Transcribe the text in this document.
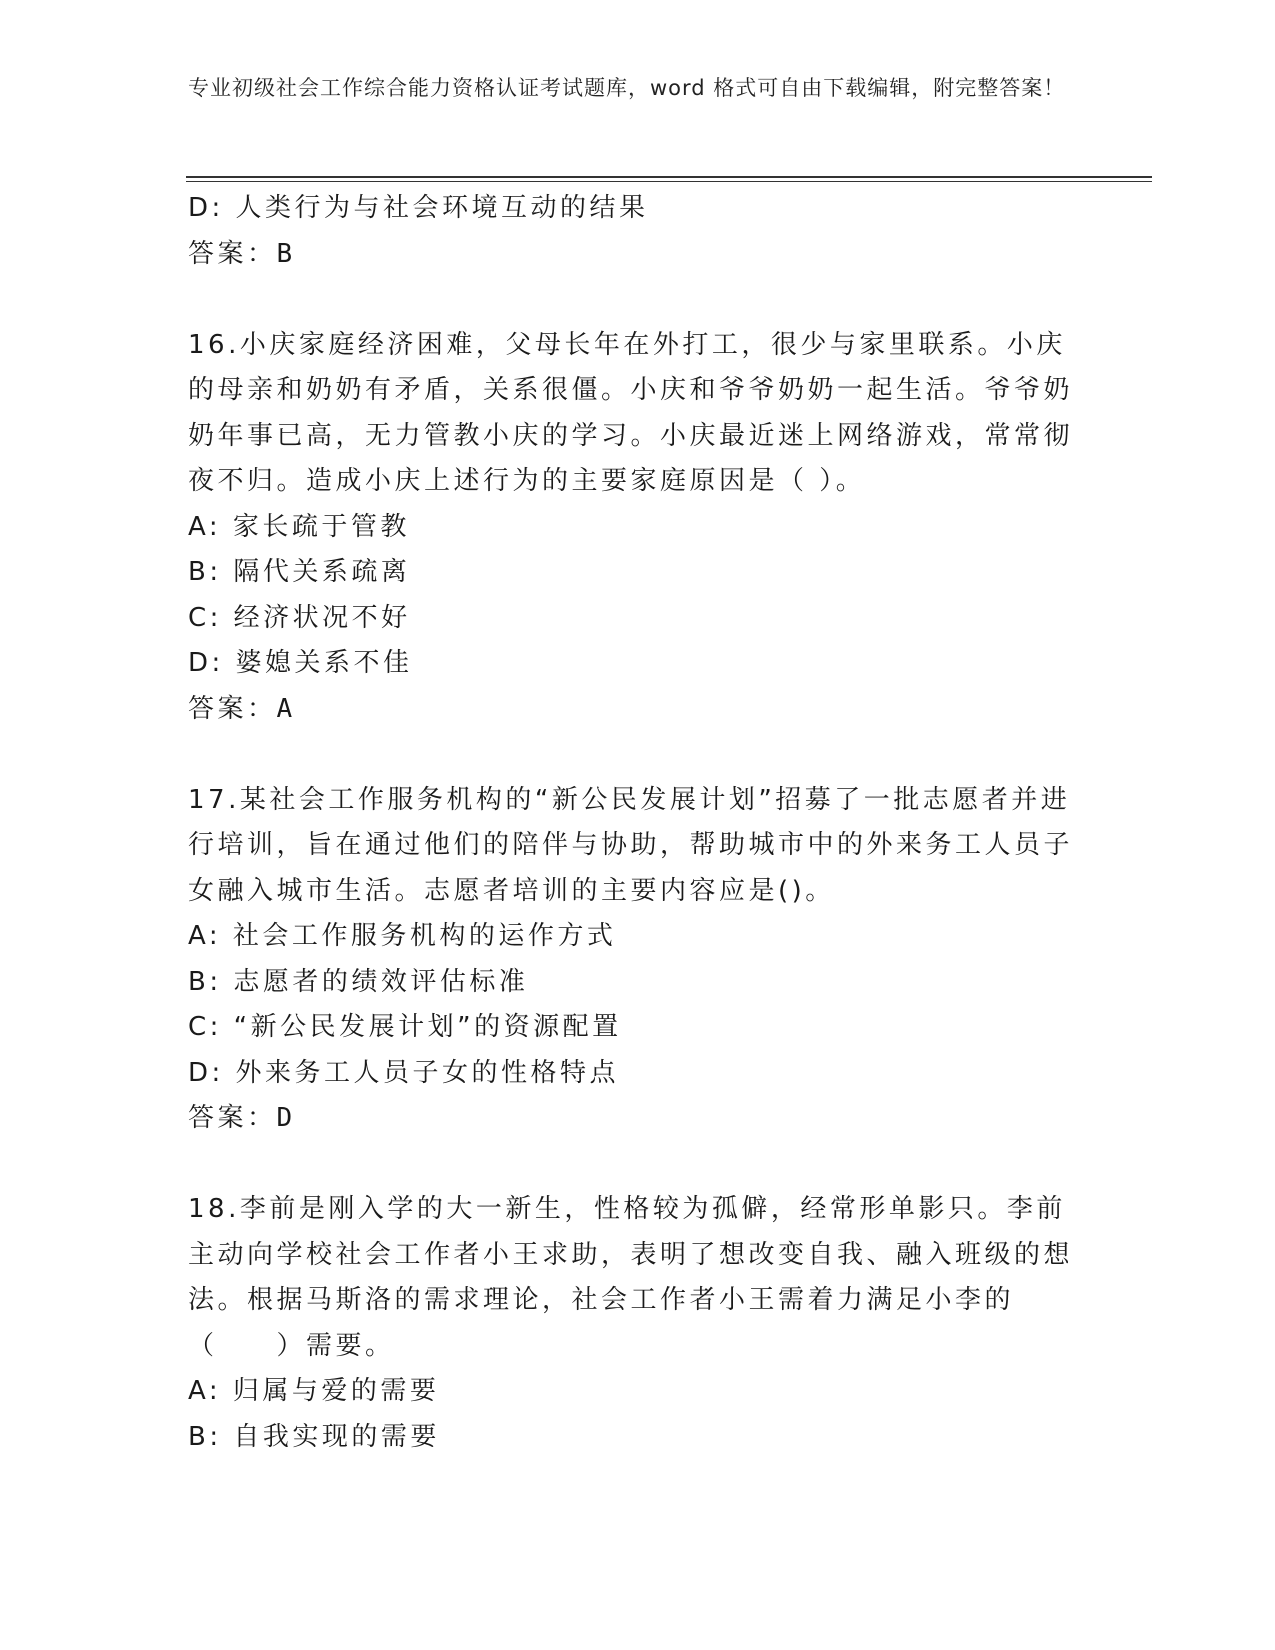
专业初级社会工作综合能力资格认证考试题库，word 格式可自由下载编辑，附完整答案！

D: 人类行为与社会环境互动的结果

答案：B

16.小庆家庭经济困难，父母长年在外打工，很少与家里联系。小庆的母亲和奶奶有矛盾，关系很僵。小庆和爷爷奶奶一起生活。爷爷奶奶年事已高，无力管教小庆的学习。小庆最近迷上网络游戏，常常彻夜不归。造成小庆上述行为的主要家庭原因是（ ）。

A: 家长疏于管教

B: 隔代关系疏离

C: 经济状况不好

D: 婆媳关系不佳

答案：A

17.某社会工作服务机构的“新公民发展计划”招募了一批志愿者并进行培训，旨在通过他们的陪伴与协助，帮助城市中的外来务工人员子女融入城市生活。志愿者培训的主要内容应是()。

A: 社会工作服务机构的运作方式

B: 志愿者的绩效评估标准

C: “新公民发展计划”的资源配置

D: 外来务工人员子女的性格特点

答案：D

18.李前是刚入学的大一新生，性格较为孤僻，经常形单影只。李前主动向学校社会工作者小王求助，表明了想改变自我、融入班级的想法。根据马斯洛的需求理论，社会工作者小王需着力满足小李的（　　）需要。

A: 归属与爱的需要

B: 自我实现的需要
